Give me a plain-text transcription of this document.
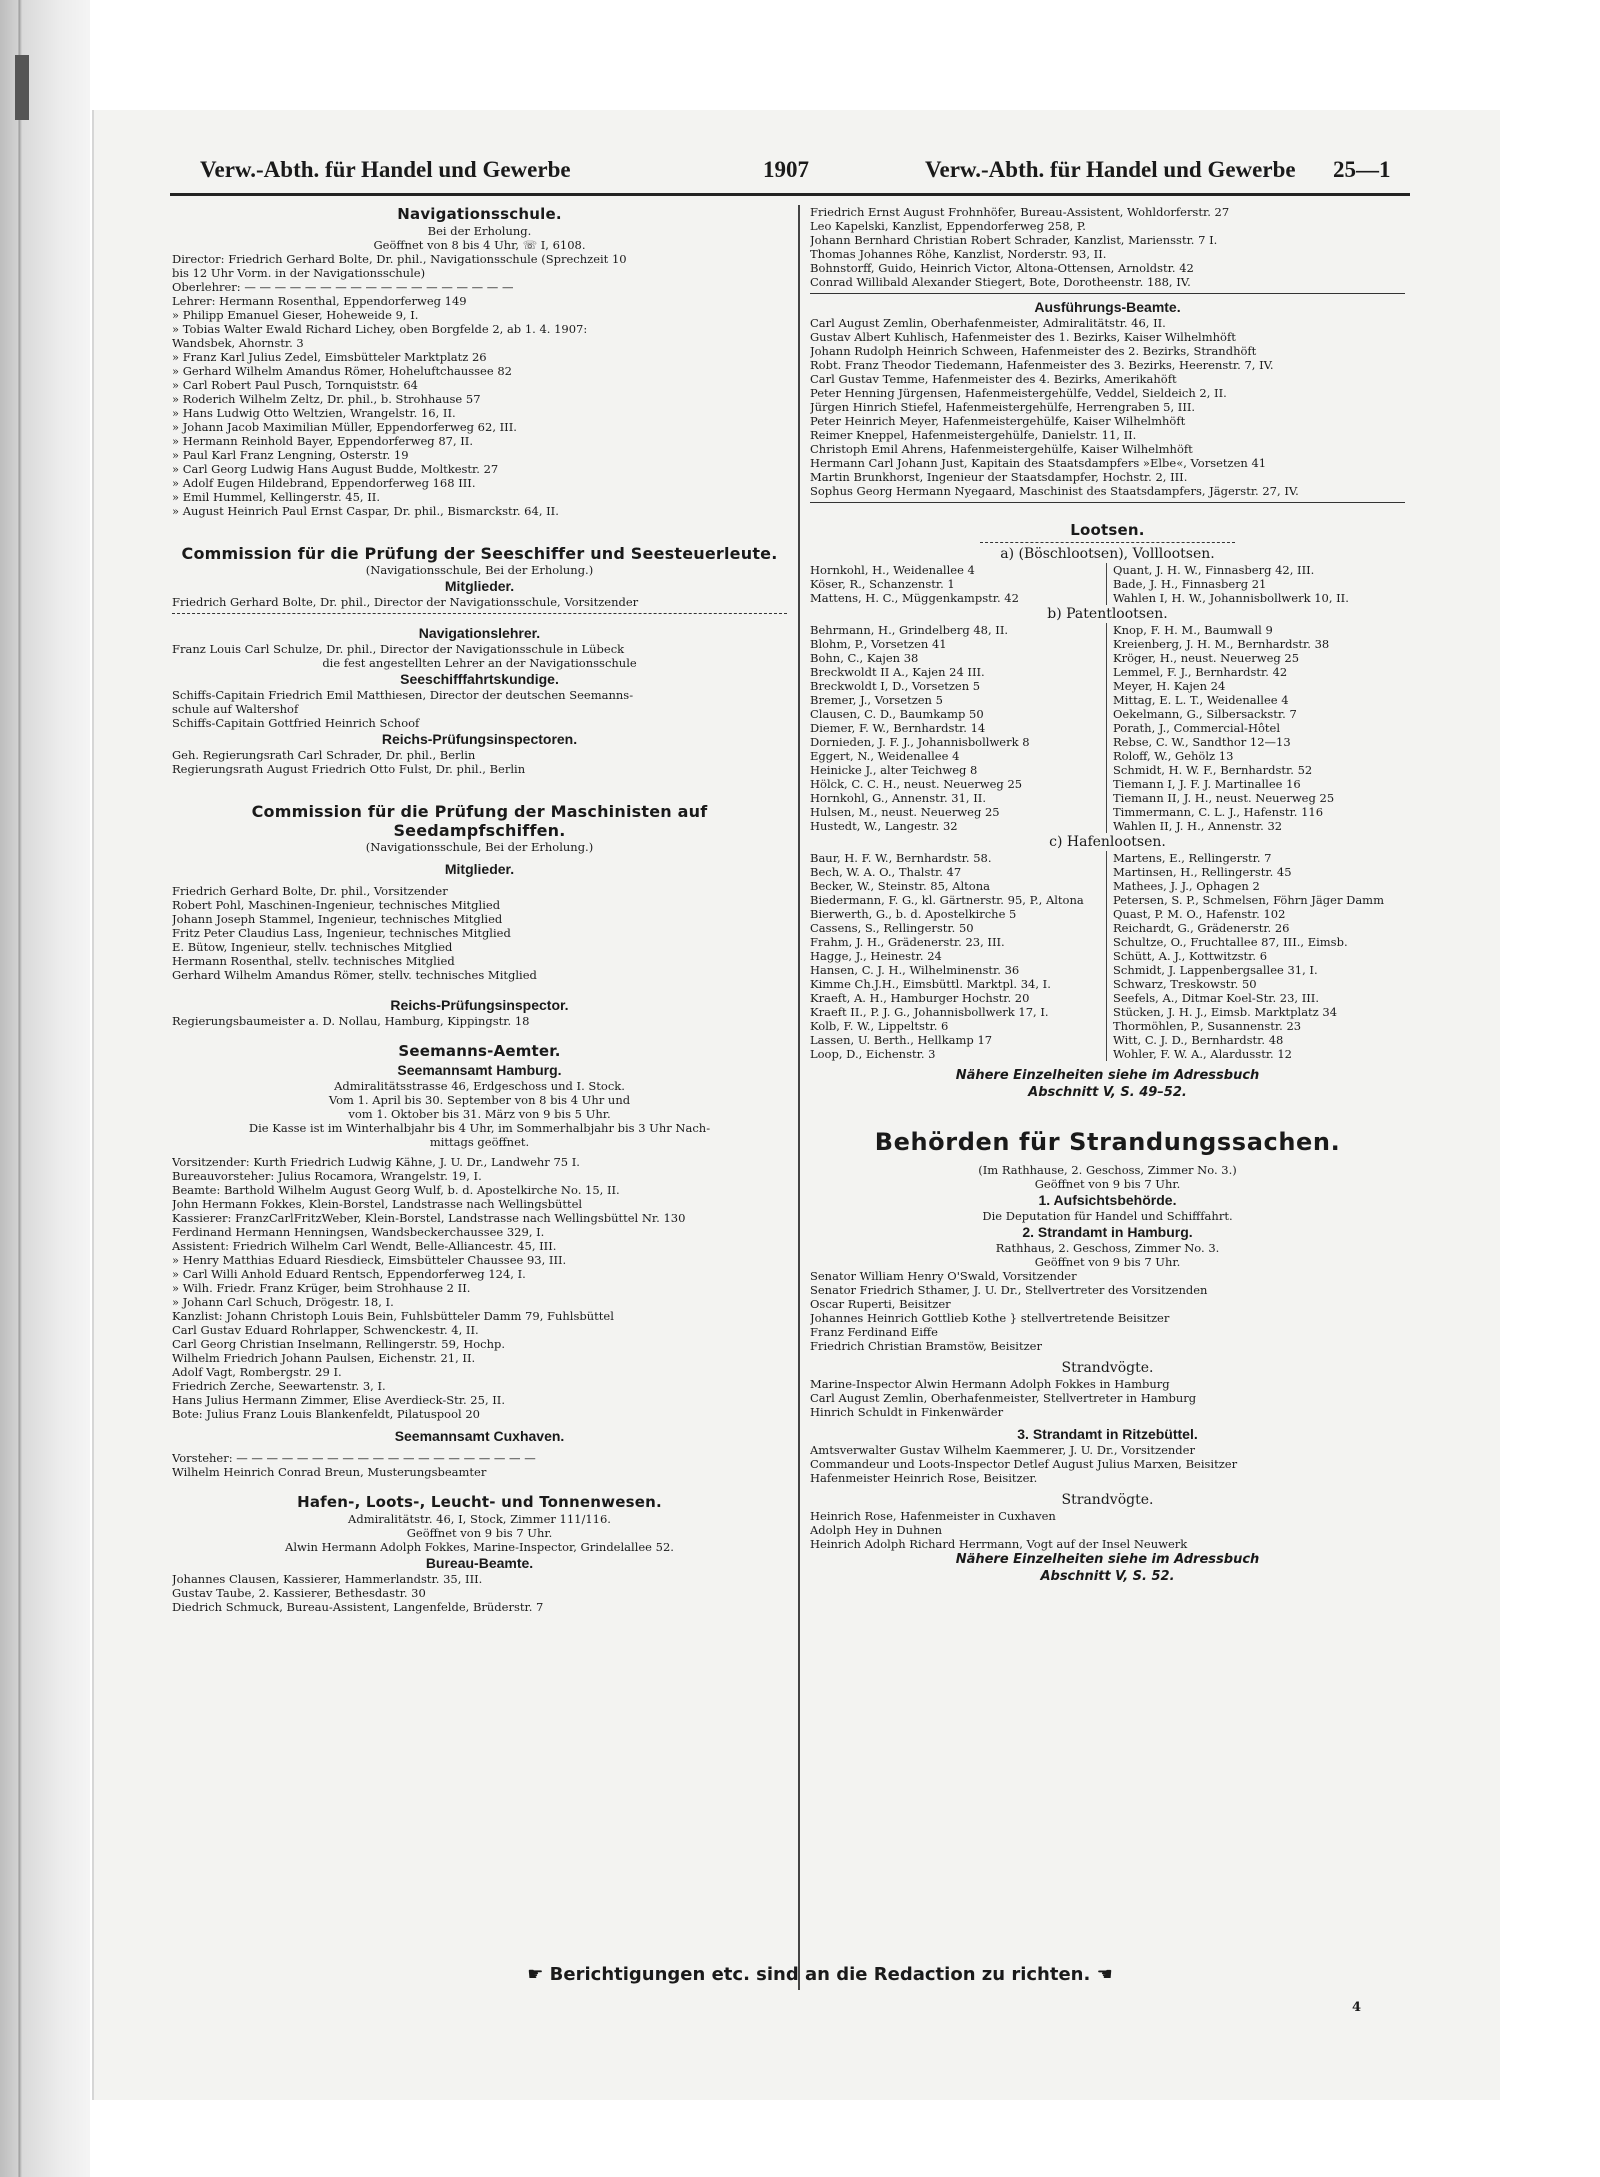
Verw.-Abth. für Handel und Gewerbe	1907	Verw.-Abth. für Handel und Gewerbe 25—1
Navigationsschule.
Bei der Erholung.
Geöffnet von 8 bis 4 Uhr, ☏ I, 6108.
Director: Friedrich Gerhard Bolte, Dr. phil., Navigationsschule (Sprechzeit 10
bis 12 Uhr Vorm. in der Navigationsschule)
Oberlehrer: — — — — — — — — — — — — — — — — — —
Lehrer: Hermann Rosenthal, Eppendorferweg 149
» Philipp Emanuel Gieser, Hoheweide 9, I.
» Tobias Walter Ewald Richard Lichey, oben Borgfelde 2, ab 1. 4. 1907:
Wandsbek, Ahornstr. 3
» Franz Karl Julius Zedel, Eimsbütteler Marktplatz 26
» Gerhard Wilhelm Amandus Römer, Hoheluftchaussee 82
» Carl Robert Paul Pusch, Tornquiststr. 64
» Roderich Wilhelm Zeltz, Dr. phil., b. Strohhause 57
» Hans Ludwig Otto Weltzien, Wrangelstr. 16, II.
» Johann Jacob Maximilian Müller, Eppendorferweg 62, III.
» Hermann Reinhold Bayer, Eppendorferweg 87, II.
» Paul Karl Franz Lengning, Osterstr. 19
» Carl Georg Ludwig Hans August Budde, Moltkestr. 27
» Adolf Eugen Hildebrand, Eppendorferweg 168 III.
» Emil Hummel, Kellingerstr. 45, II.
» August Heinrich Paul Ernst Caspar, Dr. phil., Bismarckstr. 64, II.
Commission für die Prüfung der Seeschiffer und Seesteuerleute.
(Navigationsschule, Bei der Erholung.)
Mitglieder.
Friedrich Gerhard Bolte, Dr. phil., Director der Navigationsschule, Vorsitzender
Navigationslehrer.
Franz Louis Carl Schulze, Dr. phil., Director der Navigationsschule in Lübeck
die fest angestellten Lehrer an der Navigationsschule
Seeschifffahrtskundige.
Schiffs-Capitain Friedrich Emil Matthiesen, Director der deutschen Seemanns-
schule auf Waltershof
Schiffs-Capitain Gottfried Heinrich Schoof
Reichs-Prüfungsinspectoren.
Geh. Regierungsrath Carl Schrader, Dr. phil., Berlin
Regierungsrath August Friedrich Otto Fulst, Dr. phil., Berlin
Commission für die Prüfung der Maschinisten auf Seedampfschiffen.
(Navigationsschule, Bei der Erholung.)
Mitglieder.
Friedrich Gerhard Bolte, Dr. phil., Vorsitzender
Robert Pohl, Maschinen-Ingenieur, technisches Mitglied
Johann Joseph Stammel, Ingenieur, technisches Mitglied
Fritz Peter Claudius Lass, Ingenieur, technisches Mitglied
E. Bütow, Ingenieur, stellv. technisches Mitglied
Hermann Rosenthal, stellv. technisches Mitglied
Gerhard Wilhelm Amandus Römer, stellv. technisches Mitglied
Reichs-Prüfungsinspector.
Regierungsbaumeister a. D. Nollau, Hamburg, Kippingstr. 18
Seemanns-Aemter.
Seemannsamt Hamburg.
Admiralitätsstrasse 46, Erdgeschoss und I. Stock.
Vom 1. April bis 30. September von 8 bis 4 Uhr und
vom 1. Oktober bis 31. März von 9 bis 5 Uhr.
Die Kasse ist im Winterhalbjahr bis 4 Uhr, im Sommerhalbjahr bis 3 Uhr Nach-
mittags geöffnet.
Vorsitzender: Kurth Friedrich Ludwig Kähne, J. U. Dr., Landwehr 75 I.
Bureauvorsteher: Julius Rocamora, Wrangelstr. 19, I.
Beamte: Barthold Wilhelm August Georg Wulf, b. d. Apostelkirche No. 15, II.
John Hermann Fokkes, Klein-Borstel, Landstrasse nach Wellingsbüttel
Kassierer: FranzCarlFritzWeber, Klein-Borstel, Landstrasse nach Wellingsbüttel Nr. 130
Ferdinand Hermann Henningsen, Wandsbeckerchaussee 329, I.
Assistent: Friedrich Wilhelm Carl Wendt, Belle-Alliancestr. 45, III.
» Henry Matthias Eduard Riesdieck, Eimsbütteler Chaussee 93, III.
» Carl Willi Anhold Eduard Rentsch, Eppendorferweg 124, I.
» Wilh. Friedr. Franz Krüger, beim Strohhause 2 II.
» Johann Carl Schuch, Drögestr. 18, I.
Kanzlist: Johann Christoph Louis Bein, Fuhlsbütteler Damm 79, Fuhlsbüttel
Carl Gustav Eduard Rohrlapper, Schwenckestr. 4, II.
Carl Georg Christian Inselmann, Rellingerstr. 59, Hochp.
Wilhelm Friedrich Johann Paulsen, Eichenstr. 21, II.
Adolf Vagt, Rombergstr. 29 I.
Friedrich Zerche, Seewartenstr. 3, I.
Hans Julius Hermann Zimmer, Elise Averdieck-Str. 25, II.
Bote: Julius Franz Louis Blankenfeldt, Pilatuspool 20
Seemannsamt Cuxhaven.
Vorsteher: — — — — — — — — — — — — — — — — — — — —
Wilhelm Heinrich Conrad Breun, Musterungsbeamter
Hafen-, Loots-, Leucht- und Tonnenwesen.
Admiralitätstr. 46, I, Stock, Zimmer 111/116.
Geöffnet von 9 bis 7 Uhr.
Alwin Hermann Adolph Fokkes, Marine-Inspector, Grindelallee 52.
Bureau-Beamte.
Johannes Clausen, Kassierer, Hammerlandstr. 35, III.
Gustav Taube, 2. Kassierer, Bethesdastr. 30
Diedrich Schmuck, Bureau-Assistent, Langenfelde, Brüderstr. 7
Friedrich Ernst August Frohnhöfer, Bureau-Assistent, Wohldorferstr. 27
Leo Kapelski, Kanzlist, Eppendorferweg 258, P.
Johann Bernhard Christian Robert Schrader, Kanzlist, Mariensstr. 7 I.
Thomas Johannes Röhe, Kanzlist, Norderstr. 93, II.
Bohnstorff, Guido, Heinrich Victor, Altona-Ottensen, Arnoldstr. 42
Conrad Willibald Alexander Stiegert, Bote, Dorotheenstr. 188, IV.
Ausführungs-Beamte.
Carl August Zemlin, Oberhafenmeister, Admiralitätstr. 46, II.
Gustav Albert Kuhlisch, Hafenmeister des 1. Bezirks, Kaiser Wilhelmhöft
Johann Rudolph Heinrich Schween, Hafenmeister des 2. Bezirks, Strandhöft
Robt. Franz Theodor Tiedemann, Hafenmeister des 3. Bezirks, Heerenstr. 7, IV.
Carl Gustav Temme, Hafenmeister des 4. Bezirks, Amerikahöft
Peter Henning Jürgensen, Hafenmeistergehülfe, Veddel, Sieldeich 2, II.
Jürgen Hinrich Stiefel, Hafenmeistergehülfe, Herrengraben 5, III.
Peter Heinrich Meyer, Hafenmeistergehülfe, Kaiser Wilhelmhöft
Reimer Kneppel, Hafenmeistergehülfe, Danielstr. 11, II.
Christoph Emil Ahrens, Hafenmeistergehülfe, Kaiser Wilhelmhöft
Hermann Carl Johann Just, Kapitain des Staatsdampfers »Elbe«, Vorsetzen 41
Martin Brunkhorst, Ingenieur der Staatsdampfer, Hochstr. 2, III.
Sophus Georg Hermann Nyegaard, Maschinist des Staatsdampfers, Jägerstr. 27, IV.
Lootsen.
a) (Böschlootsen), Volllootsen.
Hornkohl, H., Weidenallee 4
Köser, R., Schanzenstr. 1
Mattens, H. C., Müggenkampstr. 42
Quant, J. H. W., Finnasberg 42, III.
Bade, J. H., Finnasberg 21
Wahlen I, H. W., Johannisbollwerk 10, II.
b) Patentlootsen.
Behrmann, H., Grindelberg 48, II.
Blohm, P., Vorsetzen 41
Bohn, C., Kajen 38
Breckwoldt II A., Kajen 24 III.
Breckwoldt I, D., Vorsetzen 5
Bremer, J., Vorsetzen 5
Clausen, C. D., Baumkamp 50
Diemer, F. W., Bernhardstr. 14
Dornieden, J. F. J., Johannisbollwerk 8
Eggert, N., Weidenallee 4
Heinicke J., alter Teichweg 8
Hölck, C. C. H., neust. Neuerweg 25
Hornkohl, G., Annenstr. 31, II.
Hulsen, M., neust. Neuerweg 25
Hustedt, W., Langestr. 32
Knop, F. H. M., Baumwall 9
Kreienberg, J. H. M., Bernhardstr. 38
Kröger, H., neust. Neuerweg 25
Lemmel, F. J., Bernhardstr. 42
Meyer, H. Kajen 24
Mittag, E. L. T., Weidenallee 4
Oekelmann, G., Silbersackstr. 7
Porath, J., Commercial-Hôtel
Rebse, C. W., Sandthor 12—13
Roloff, W., Gehölz 13
Schmidt, H. W. F., Bernhardstr. 52
Tiemann I, J. F. J. Martinallee 16
Tiemann II, J. H., neust. Neuerweg 25
Timmermann, C. L. J., Hafenstr. 116
Wahlen II, J. H., Annenstr. 32
c) Hafenlootsen.
Baur, H. F. W., Bernhardstr. 58.
Bech, W. A. O., Thalstr. 47
Becker, W., Steinstr. 85, Altona
Biedermann, F. G., kl. Gärtnerstr. 95, P., Altona
Bierwerth, G., b. d. Apostelkirche 5
Cassens, S., Rellingerstr. 50
Frahm, J. H., Grädenerstr. 23, III.
Hagge, J., Heinestr. 24
Hansen, C. J. H., Wilhelminenstr. 36
Kimme Ch.J.H., Eimsbüttl. Marktpl. 34, I.
Kraeft, A. H., Hamburger Hochstr. 20
Kraeft II., P. J. G., Johannisbollwerk 17, I.
Kolb, F. W., Lippeltstr. 6
Lassen, U. Berth., Hellkamp 17
Loop, D., Eichenstr. 3
Martens, E., Rellingerstr. 7
Martinsen, H., Rellingerstr. 45
Mathees, J. J., Ophagen 2
Petersen, S. P., Schmelsen, Föhrn Jäger Damm
Quast, P. M. O., Hafenstr. 102
Reichardt, G., Grädenerstr. 26
Schultze, O., Fruchtallee 87, III., Eimsb.
Schütt, A. J., Kottwitzstr. 6
Schmidt, J. Lappenbergsallee 31, I.
Schwarz, Treskowstr. 50
Seefels, A., Ditmar Koel-Str. 23, III.
Stücken, J. H. J., Eimsb. Marktplatz 34
Thormöhlen, P., Susannenstr. 23
Witt, C. J. D., Bernhardstr. 48
Wohler, F. W. A., Alardusstr. 12
Nähere Einzelheiten siehe im Adressbuch
Abschnitt V, S. 49–52.
Behörden für Strandungssachen.
(Im Rathhause, 2. Geschoss, Zimmer No. 3.)
Geöffnet von 9 bis 7 Uhr.
1. Aufsichtsbehörde.
Die Deputation für Handel und Schifffahrt.
2. Strandamt in Hamburg.
Rathhaus, 2. Geschoss, Zimmer No. 3.
Geöffnet von 9 bis 7 Uhr.
Senator William Henry O'Swald, Vorsitzender
Senator Friedrich Sthamer, J. U. Dr., Stellvertreter des Vorsitzenden
Oscar Ruperti, Beisitzer
Johannes Heinrich Gottlieb Kothe } stellvertretende Beisitzer
Franz Ferdinand Eiffe
Friedrich Christian Bramstöw, Beisitzer
Strandvögte.
Marine-Inspector Alwin Hermann Adolph Fokkes in Hamburg
Carl August Zemlin, Oberhafenmeister, Stellvertreter in Hamburg
Hinrich Schuldt in Finkenwärder
3. Strandamt in Ritzebüttel.
Amtsverwalter Gustav Wilhelm Kaemmerer, J. U. Dr., Vorsitzender
Commandeur und Loots-Inspector Detlef August Julius Marxen, Beisitzer
Hafenmeister Heinrich Rose, Beisitzer.
Strandvögte.
Heinrich Rose, Hafenmeister in Cuxhaven
Adolph Hey in Duhnen
Heinrich Adolph Richard Herrmann, Vogt auf der Insel Neuwerk
Nähere Einzelheiten siehe im Adressbuch
Abschnitt V, S. 52.
☛ Berichtigungen etc. sind an die Redaction zu richten. ☚
4
